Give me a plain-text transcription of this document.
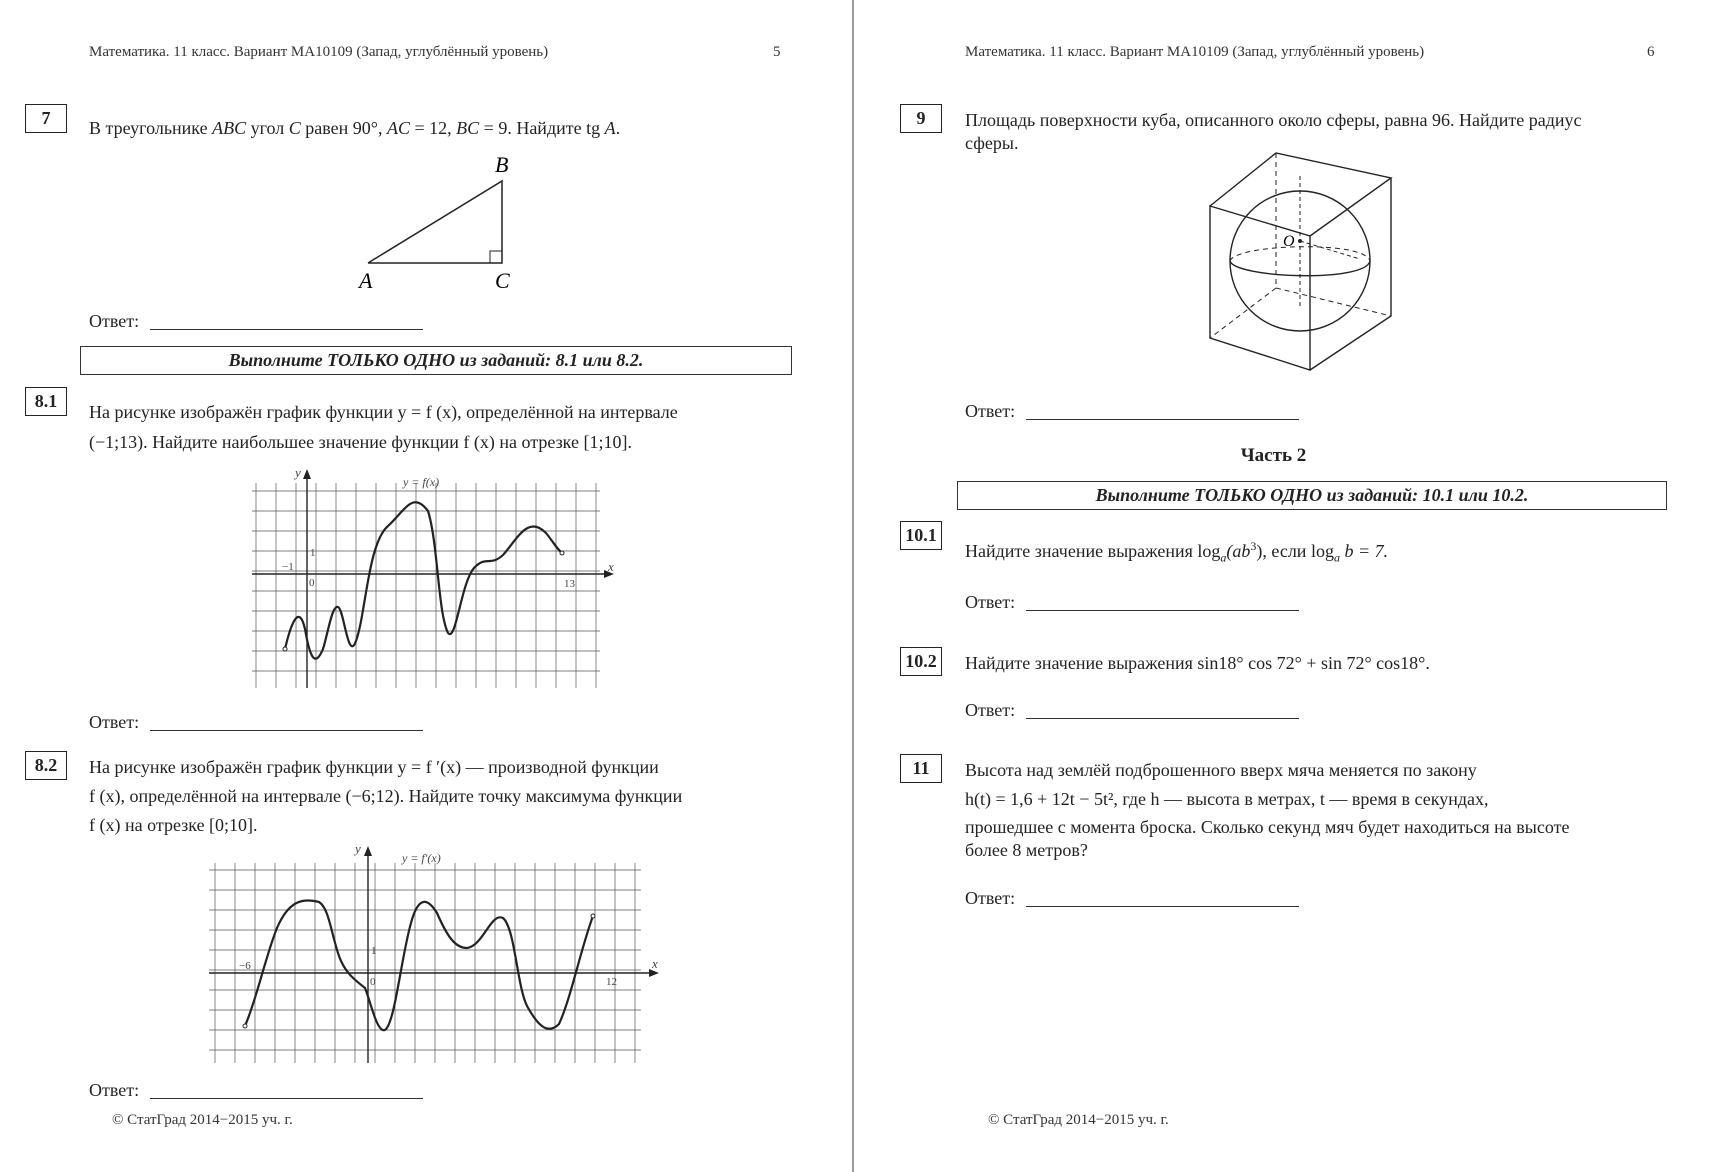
Математика. 11 класс. Вариант МА10109 (Запад, углублённый уровень)	5
7	В треугольнике ABC угол C равен 90°, AC = 12, BC = 9. Найдите tg A.
B
A	C
Ответ:
Выполните ТОЛЬКО ОДНО из заданий: 8.1 или 8.2.
8.1
На рисунке изображён график функции y = f (x), определённой на интервале
(−1;13). Найдите наибольшее значение функции f (x) на отрезке [1;10].
y = f(x)
x
y
−1
1
0	13
Ответ:
8.2	На рисунке изображён график функции y = f ′(x) — производной функции
f (x), определённой на интервале (−6;12). Найдите точку максимума функции
f (x) на отрезке [0;10].
y = f′(x)
x
y
−6
1
0	12
Ответ:
© СтатГрад 2014−2015 уч. г.
Математика. 11 класс. Вариант МА10109 (Запад, углублённый уровень)	6
9	Площадь поверхности куба, описанного около сферы, равна 96. Найдите радиус
сферы.
O
Ответ:
Часть 2
Выполните ТОЛЬКО ОДНО из заданий: 10.1 или 10.2.
10.1
Найдите значение выражения $\log_a(ab^3)$, если $\log_a b = 7$.
Ответ:
10.2 Найдите значение выражения sin18° cos 72° + sin 72° cos18°.
Ответ:
11	Высота над землёй подброшенного вверх мяча меняется по закону
h(t) = 1,6 + 12t − 5t², где h — высота в метрах, t — время в секундах,
прошедшее с момента броска. Сколько секунд мяч будет находиться на высоте
более 8 метров?
Ответ:
© СтатГрад 2014−2015 уч. г.
